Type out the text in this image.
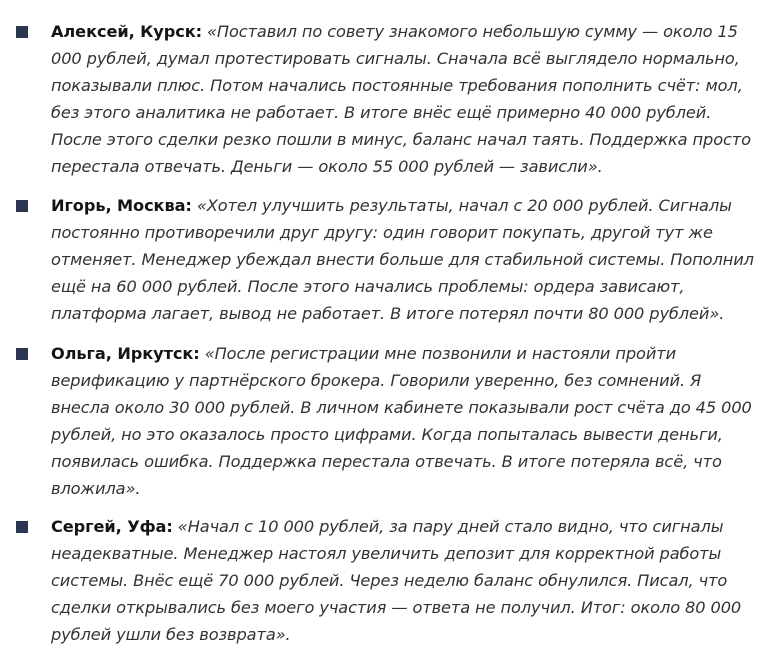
Алексей, Курск: «Поставил по совету знакомого небольшую сумму — около 15 000 рублей, думал протестировать сигналы. Сначала всё выглядело нормально, показывали плюс. Потом начались постоянные требования пополнить счёт: мол, без этого аналитика не работает. В итоге внёс ещё примерно 40 000 рублей. После этого сделки резко пошли в минус, баланс начал таять. Поддержка просто перестала отвечать. Деньги — около 55 000 рублей — зависли».

Игорь, Москва: «Хотел улучшить результаты, начал с 20 000 рублей. Сигналы постоянно противоречили друг другу: один говорит покупать, другой тут же отменяет. Менеджер убеждал внести больше для стабильной системы. Пополнил ещё на 60 000 рублей. После этого начались проблемы: ордера зависают, платформа лагает, вывод не работает. В итоге потерял почти 80 000 рублей».

Ольга, Иркутск: «После регистрации мне позвонили и настояли пройти верификацию у партнёрского брокера. Говорили уверенно, без сомнений. Я внесла около 30 000 рублей. В личном кабинете показывали рост счёта до 45 000 рублей, но это оказалось просто цифрами. Когда попыталась вывести деньги, появилась ошибка. Поддержка перестала отвечать. В итоге потеряла всё, что вложила».

Сергей, Уфа: «Начал с 10 000 рублей, за пару дней стало видно, что сигналы неадекватные. Менеджер настоял увеличить депозит для корректной работы системы. Внёс ещё 70 000 рублей. Через неделю баланс обнулился. Писал, что сделки открывались без моего участия — ответа не получил. Итог: около 80 000 рублей ушли без возврата».
